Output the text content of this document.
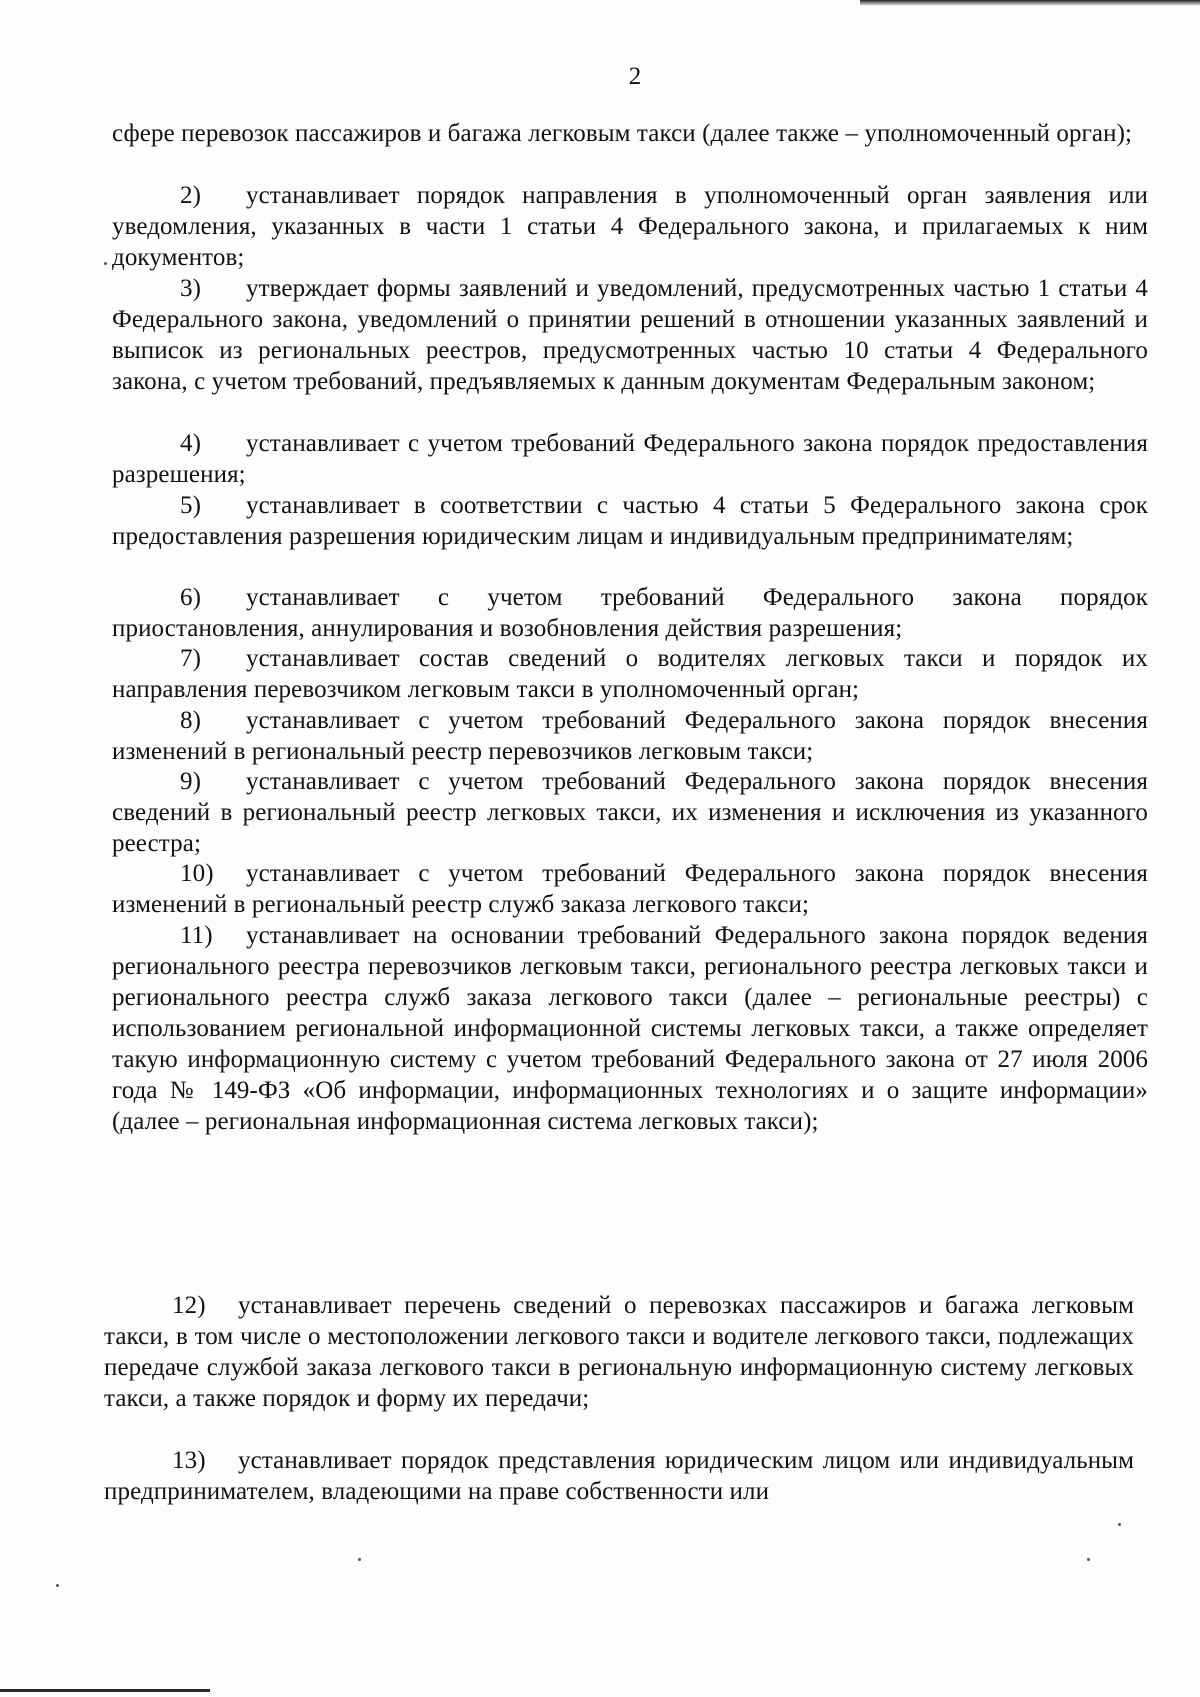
2
сфере перевозок пассажиров и багажа легковым такси (далее также – уполномоченный орган);
2) устанавливает порядок направления в уполномоченный орган заявления или уведомления, указанных в части 1 статьи 4 Федерального закона, и прилагаемых к ним документов;
3) утверждает формы заявлений и уведомлений, предусмотренных частью 1 статьи 4 Федерального закона, уведомлений о принятии решений в отношении указанных заявлений и выписок из региональных реестров, предусмотренных частью 10 статьи 4 Федерального закона, с учетом требований, предъявляемых к данным документам Федеральным законом;
4) устанавливает с учетом требований Федерального закона порядок предоставления разрешения;
5) устанавливает в соответствии с частью 4 статьи 5 Федерального закона срок предоставления разрешения юридическим лицам и индивидуальным предпринимателям;
6) устанавливает с учетом требований Федерального закона порядок приостановления, аннулирования и возобновления действия разрешения;
7) устанавливает состав сведений о водителях легковых такси и порядок их направления перевозчиком легковым такси в уполномоченный орган;
8) устанавливает с учетом требований Федерального закона порядок внесения изменений в региональный реестр перевозчиков легковым такси;
9) устанавливает с учетом требований Федерального закона порядок внесения сведений в региональный реестр легковых такси, их изменения и исключения из указанного реестра;
10) устанавливает с учетом требований Федерального закона порядок внесения изменений в региональный реестр служб заказа легкового такси;
11) устанавливает на основании требований Федерального закона порядок ведения регионального реестра перевозчиков легковым такси, регионального реестра легковых такси и регионального реестра служб заказа легкового такси (далее – региональные реестры) с использованием региональной информационной системы легковых такси, а также определяет такую информационную систему с учетом требований Федерального закона от 27 июля 2006 года № 149-ФЗ «Об информации, информационных технологиях и о защите информации» (далее – региональная информационная система легковых такси);
12) устанавливает перечень сведений о перевозках пассажиров и багажа легковым такси, в том числе о местоположении легкового такси и водителе легкового такси, подлежащих передаче службой заказа легкового такси в региональную информационную систему легковых такси, а также порядок и форму их передачи;
13) устанавливает порядок представления юридическим лицом или индивидуальным предпринимателем, владеющими на праве собственности или
